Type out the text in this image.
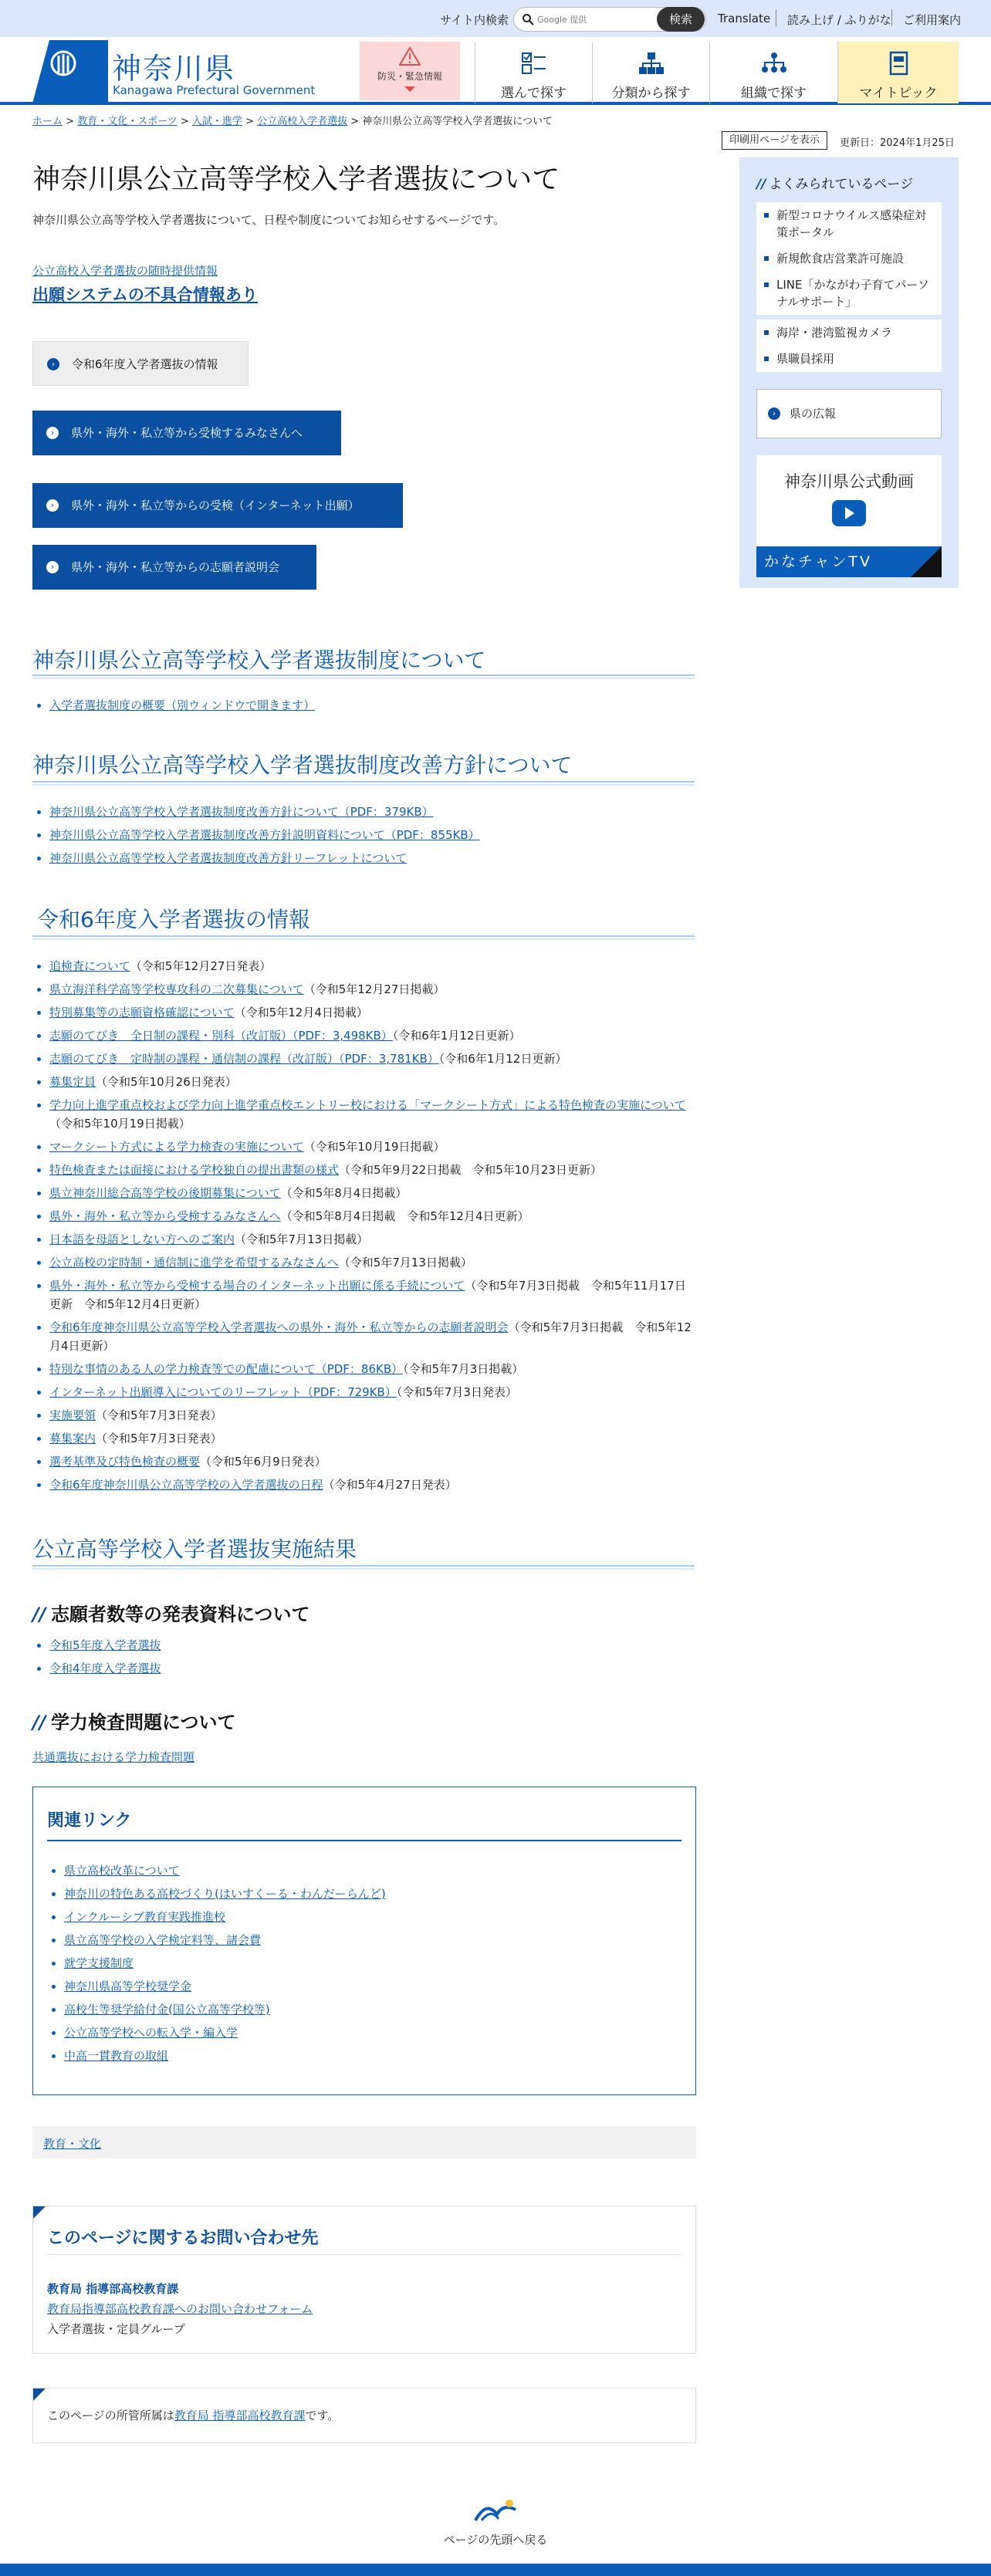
サイト内検索
Google 提供	検索	Translate 読み上げ / ふりがな ご利用案内
神奈川県
Kanagawa Prefectural Government
防災・緊急情報
選んで探す	分類から探す	組織で探す	マイトピック
ホーム > 教育・文化・スポーツ > 入試・進学 > 公立高校入学者選抜 > 神奈川県公立高等学校入学者選抜について
印刷用ページを表示	更新日：2024年1月25日
神奈川県公立高等学校入学者選抜について

神奈川県公立高等学校入学者選抜について、日程や制度についてお知らせするページです。

公立高校入学者選抜の随時提供情報
出願システムの不具合情報あり
›	令和6年度入学者選抜の情報
›	県外・海外・私立等から受検するみなさんへ
›	県外・海外・私立等からの受検（インターネット出願）
›	県外・海外・私立等からの志願者説明会
神奈川県公立高等学校入学者選抜制度について
入学者選抜制度の概要（別ウィンドウで開きます）
神奈川県公立高等学校入学者選抜制度改善方針について
神奈川県公立高等学校入学者選抜制度改善方針について（PDF：379KB）
神奈川県公立高等学校入学者選抜制度改善方針説明資料について（PDF：855KB）
神奈川県公立高等学校入学者選抜制度改善方針リーフレットについて
令和6年度入学者選抜の情報
追検査について（令和5年12月27日発表）
県立海洋科学高等学校専攻科の二次募集について（令和5年12月27日掲載）
特別募集等の志願資格確認について（令和5年12月4日掲載）
志願のてびき　全日制の課程・別科（改訂版）（PDF：3,498KB）（令和6年1月12日更新）
志願のてびき　定時制の課程・通信制の課程（改訂版）（PDF：3,781KB）（令和6年1月12日更新）
募集定員（令和5年10月26日発表）
学力向上進学重点校および学力向上進学重点校エントリー校における「マークシート方式」による特色検査の実施について（令和5年10月19日掲載）
マークシート方式による学力検査の実施について（令和5年10月19日掲載）
特色検査または面接における学校独自の提出書類の様式（令和5年9月22日掲載　令和5年10月23日更新）
県立神奈川総合高等学校の後期募集について（令和5年8月4日掲載）
県外・海外・私立等から受検するみなさんへ（令和5年8月4日掲載　令和5年12月4日更新）
日本語を母語としない方へのご案内（令和5年7月13日掲載）
公立高校の定時制・通信制に進学を希望するみなさんへ（令和5年7月13日掲載）
県外・海外・私立等から受検する場合のインターネット出願に係る手続について（令和5年7月3日掲載　令和5年11月17日更新　令和5年12月4日更新）
令和6年度神奈川県公立高等学校入学者選抜への県外・海外・私立等からの志願者説明会（令和5年7月3日掲載　令和5年12月4日更新）
特別な事情のある人の学力検査等での配慮について（PDF：86KB）（令和5年7月3日掲載）
インターネット出願導入についてのリーフレット（PDF：729KB）（令和5年7月3日発表）
実施要領（令和5年7月3日発表）
募集案内（令和5年7月3日発表）
選考基準及び特色検査の概要（令和5年6月9日発表）
令和6年度神奈川県公立高等学校の入学者選抜の日程（令和5年4月27日発表）
公立高等学校入学者選抜実施結果
// 志願者数等の発表資料について
令和5年度入学者選抜
令和4年度入学者選抜
// 学力検査問題について
共通選抜における学力検査問題
関連リンク
県立高校改革について
神奈川の特色ある高校づくり(はいすくーる・わんだーらんど)
インクルーシブ教育実践推進校
県立高等学校の入学検定料等、諸会費
就学支援制度
神奈川県高等学校奨学金
高校生等奨学給付金(国公立高等学校等)
公立高等学校への転入学・編入学
中高一貫教育の取組
教育・文化
このページに関するお問い合わせ先
教育局 指導部高校教育課
教育局指導部高校教育課へのお問い合わせフォーム
入学者選抜・定員グループ
このページの所管所属は教育局 指導部高校教育課です。
// よくみられているページ
新型コロナウイルス感染症対策ポータル
新規飲食店営業許可施設
LINE「かながわ子育てパーソナルサポート」
海岸・港湾監視カメラ
県職員採用
›	県の広報
神奈川県公式動画
かなチャンTV
ページの先頭へ戻る
